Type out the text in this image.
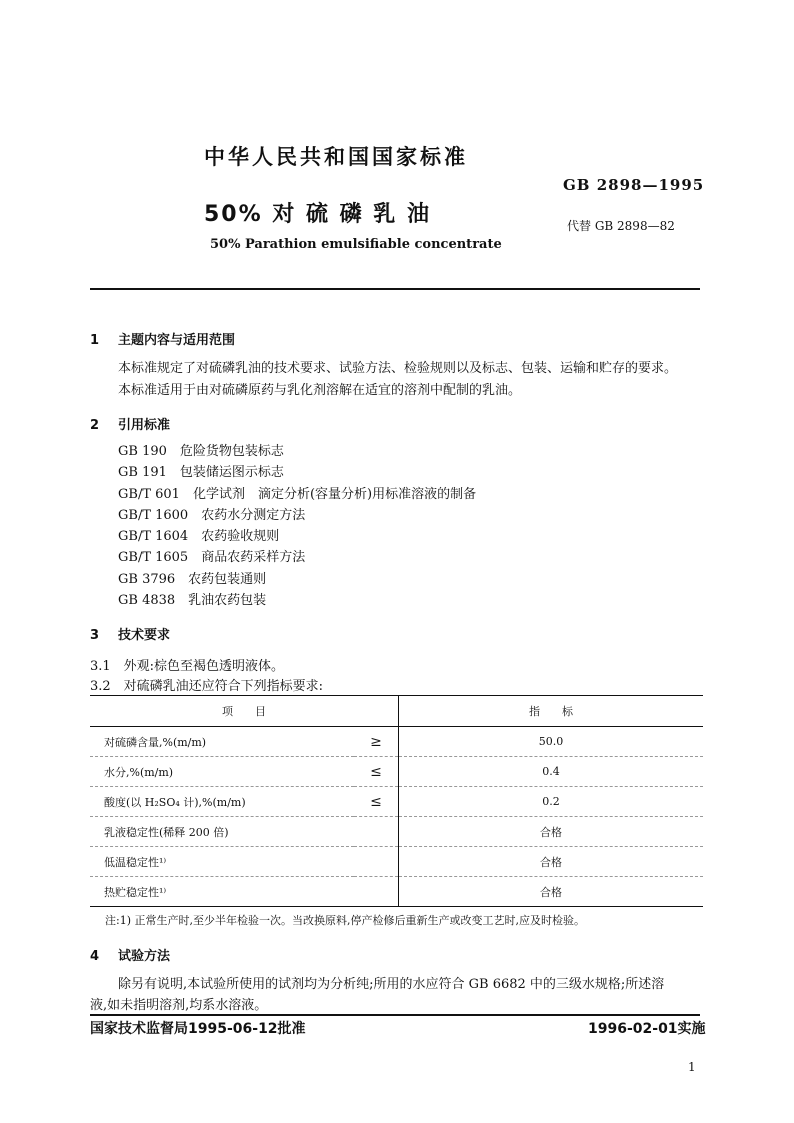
中华人民共和国国家标准
GB 2898—1995
50% 对 硫 磷 乳 油	代替 GB 2898—82
50% Parathion emulsifiable concentrate
1 主题内容与适用范围
本标准规定了对硫磷乳油的技术要求、试验方法、检验规则以及标志、包装、运输和贮存的要求。
本标准适用于由对硫磷原药与乳化剂溶解在适宜的溶剂中配制的乳油。
2 引用标准
GB 190　 危险货物包装标志
GB 191　 包装储运图示标志
GB/T 601　 化学试剂　滴定分析(容量分析)用标准溶液的制备
GB/T 1600　 农药水分测定方法
GB/T 1604　 农药验收规则
GB/T 1605　 商品农药采样方法
GB 3796　 农药包装通则
GB 4838　 乳油农药包装
3 技术要求
3.1　外观:棕色至褐色透明液体。
3.2　对硫磷乳油还应符合下列指标要求:
项　　目		指　　标
对硫磷含量,%(m/m)	≥	50.0
水分,%(m/m)	≤	0.4
酸度(以 H₂SO₄ 计),%(m/m)	≤	0.2
乳液稳定性(稀释 200 倍)		合格
低温稳定性¹⁾		合格
热贮稳定性¹⁾		合格
注:1) 正常生产时,至少半年检验一次。当改换原料,停产检修后重新生产或改变工艺时,应及时检验。
4 试验方法
除另有说明,本试验所使用的试剂均为分析纯;所用的水应符合 GB 6682 中的三级水规格;所述溶
液,如未指明溶剂,均系水溶液。
国家技术监督局1995-06-12批准	1996-02-01实施
1
